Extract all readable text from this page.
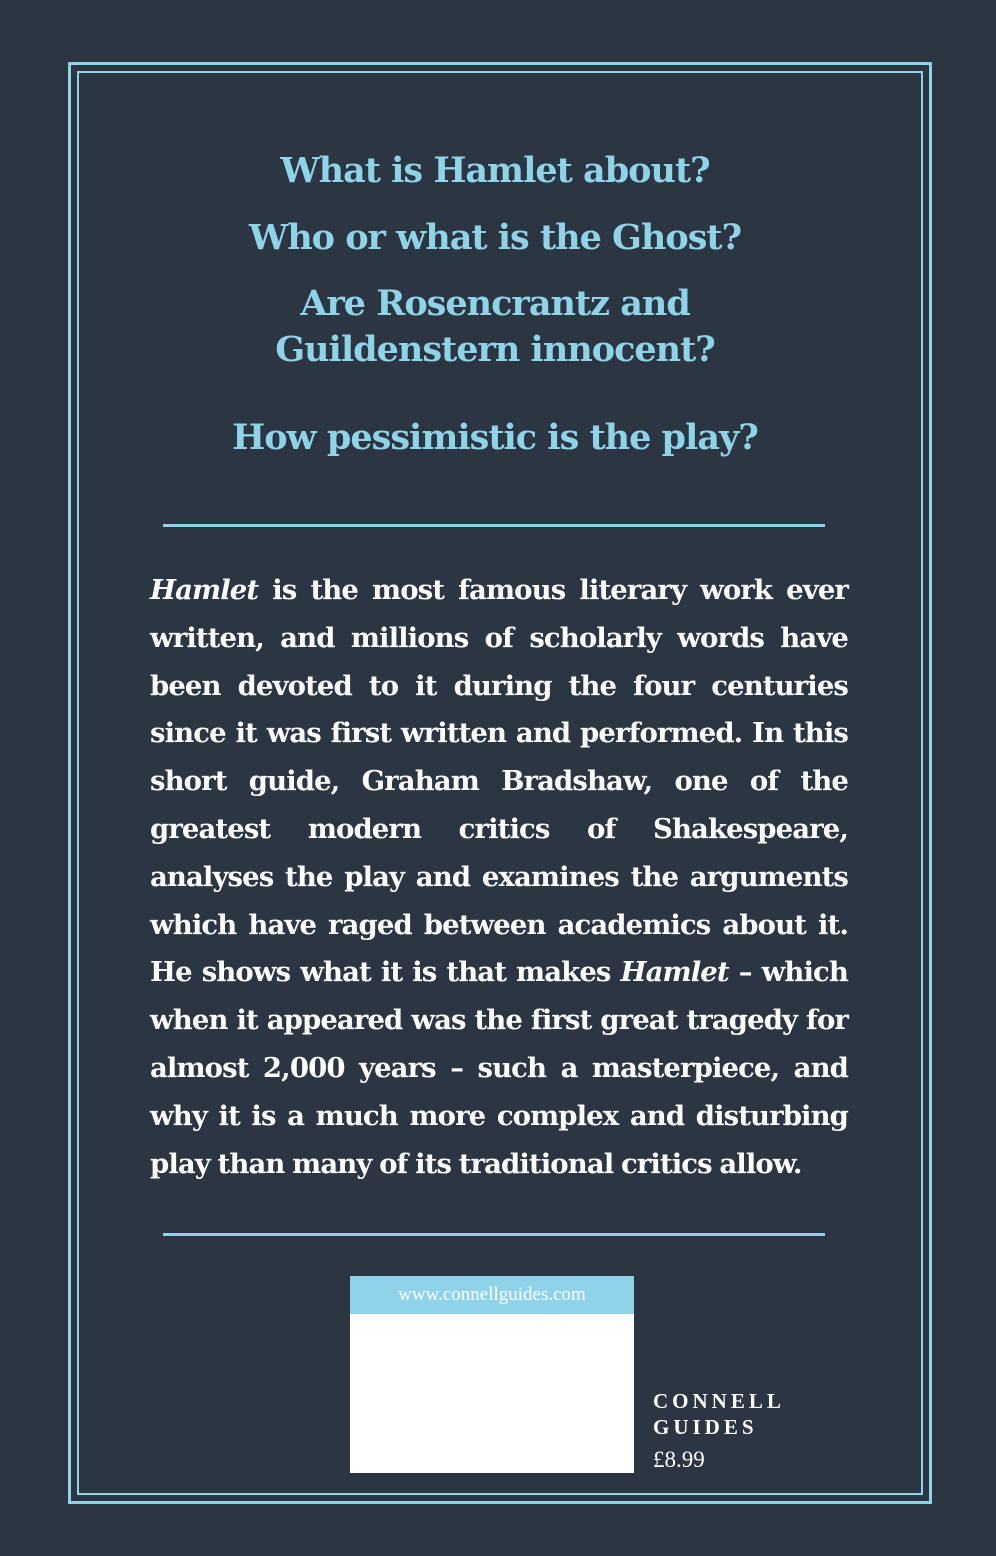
What is Hamlet about?
Who or what is the Ghost?
Are Rosencrantz and
Guildenstern innocent?
How pessimistic is the play?
Hamlet is the most famous literary work ever written, and millions of scholarly words have been devoted to it during the four centuries since it was first written and performed. In this short guide, Graham Bradshaw, one of the greatest modern critics of Shakespeare, analyses the play and examines the arguments which have raged between academics about it. He shows what it is that makes Hamlet – which when it appeared was the first great tragedy for almost 2,000 years – such a masterpiece, and why it is a much more complex and disturbing play than many of its traditional critics allow.
www.connellguides.com
CONNELL
GUIDES
£8.99
